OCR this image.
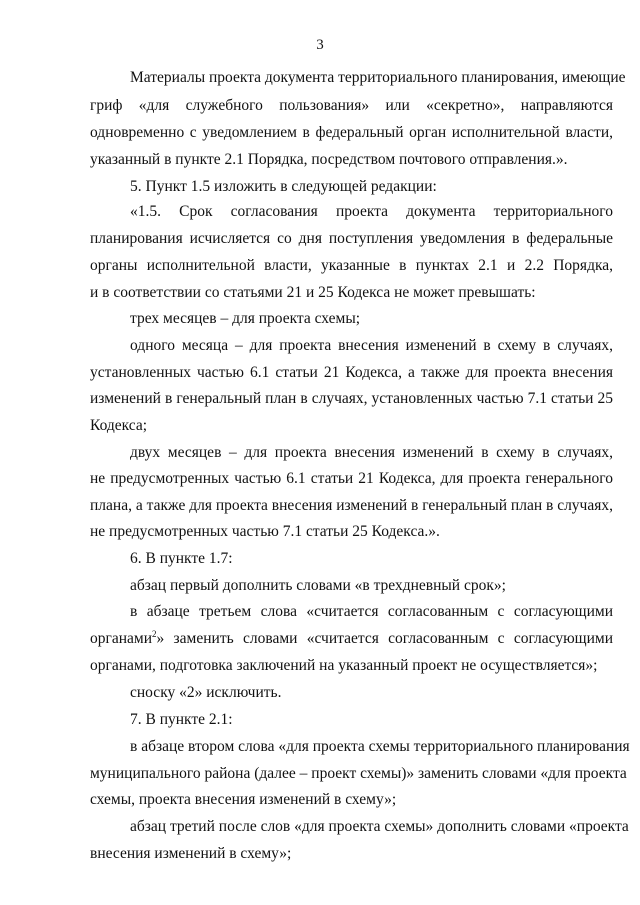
3
Материалы проекта документа территориального планирования, имеющие
гриф «для служебного пользования» или «секретно», направляются
одновременно с уведомлением в федеральный орган исполнительной власти,
указанный в пункте 2.1 Порядка, посредством почтового отправления.».
5. Пункт 1.5 изложить в следующей редакции:
«1.5. Срок согласования проекта документа территориального
планирования исчисляется со дня поступления уведомления в федеральные
органы исполнительной власти, указанные в пунктах 2.1 и 2.2 Порядка,
и в соответствии со статьями 21 и 25 Кодекса не может превышать:
трех месяцев – для проекта схемы;
одного месяца – для проекта внесения изменений в схему в случаях,
установленных частью 6.1 статьи 21 Кодекса, а также для проекта внесения
изменений в генеральный план в случаях, установленных частью 7.1 статьи 25
Кодекса;
двух месяцев – для проекта внесения изменений в схему в случаях,
не предусмотренных частью 6.1 статьи 21 Кодекса, для проекта генерального
плана, а также для проекта внесения изменений в генеральный план в случаях,
не предусмотренных частью 7.1 статьи 25 Кодекса.».
6. В пункте 1.7:
абзац первый дополнить словами «в трехдневный срок»;
в абзаце третьем слова «считается согласованным с согласующими
органами$^2$» заменить словами «считается согласованным с согласующими
органами, подготовка заключений на указанный проект не осуществляется»;
сноску «2» исключить.
7. В пункте 2.1:
в абзаце втором слова «для проекта схемы территориального планирования
муниципального района (далее – проект схемы)» заменить словами «для проекта
схемы, проекта внесения изменений в схему»;
абзац третий после слов «для проекта схемы» дополнить словами «проекта
внесения изменений в схему»;
